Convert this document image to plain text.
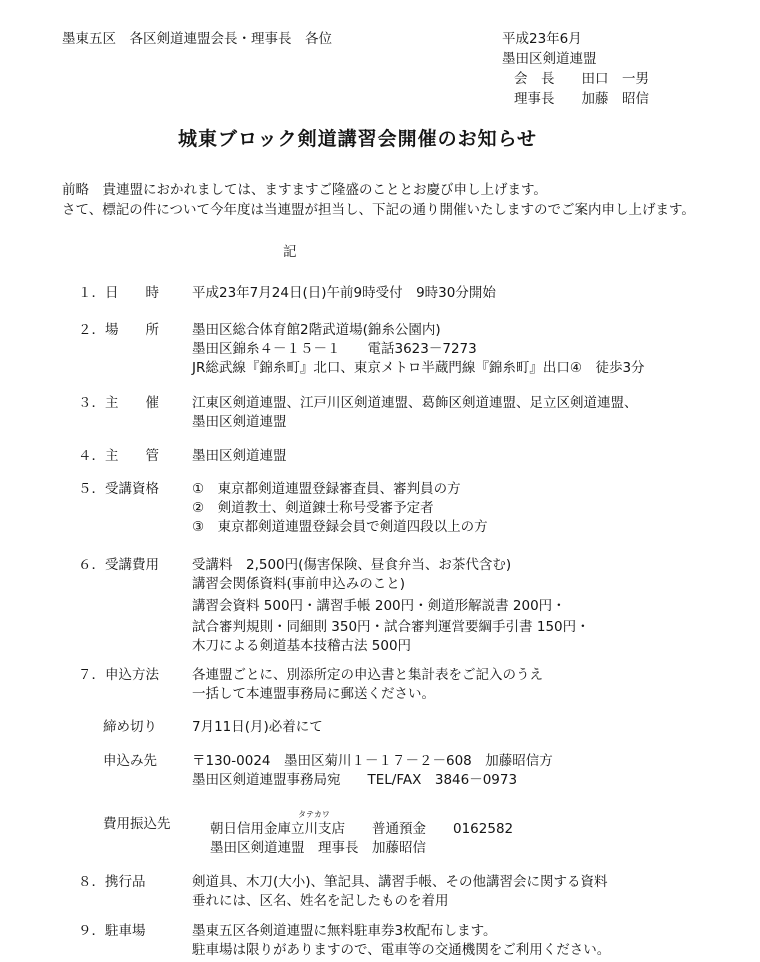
墨東五区　各区剣道連盟会長・理事長　各位	平成23年6月
墨田区剣道連盟
会　長　　田口　一男
理事長　　加藤　昭信
城東ブロック剣道講習会開催のお知らせ
前略　貴連盟におかれましては、ますますご隆盛のこととお慶び申し上げます。
さて、標記の件について今年度は当連盟が担当し、下記の通り開催いたしますのでご案内申し上げます。
記
１．日　　時 平成23年7月24日(日)午前9時受付　9時30分開始
２．場　　所 墨田区総合体育館2階武道場(錦糸公園内)
墨田区錦糸４－１５－１　　電話3623－7273
JR総武線『錦糸町』北口、東京メトロ半蔵門線『錦糸町』出口④　徒歩3分
３．主　　催 江東区剣道連盟、江戸川区剣道連盟、葛飾区剣道連盟、足立区剣道連盟、
墨田区剣道連盟
４．主　　管 墨田区剣道連盟
５．受講資格 ①　東京都剣道連盟登録審査員、審判員の方
②　剣道教士、剣道錬士称号受審予定者
③　東京都剣道連盟登録会員で剣道四段以上の方
６．受講費用 受講料　2,500円(傷害保険、昼食弁当、お茶代含む)
講習会関係資料(事前申込みのこと)
講習会資料 500円・講習手帳 200円・剣道形解説書 200円・
試合審判規則・同細則 350円・試合審判運営要綱手引書 150円・
木刀による剣道基本技稽古法 500円
７．申込方法 各連盟ごとに、別添所定の申込書と集計表をご記入のうえ
一括して本連盟事務局に郵送ください。
締め切り	7月11日(月)必着にて
申込み先	〒130-0024　墨田区菊川１－１７－２－608　加藤昭信方
墨田区剣道連盟事務局宛　　TEL/FAX　3846－0973
費用振込先
タテカワ
朝日信用金庫立川支店　　普通預金　　0162582
墨田区剣道連盟　理事長　加藤昭信
８．携行品	剣道具、木刀(大小)、筆記具、講習手帳、その他講習会に関する資料
垂れには、区名、姓名を記したものを着用
９．駐車場	墨東五区各剣道連盟に無料駐車券3枚配布します。
駐車場は限りがありますので、電車等の交通機関をご利用ください。
